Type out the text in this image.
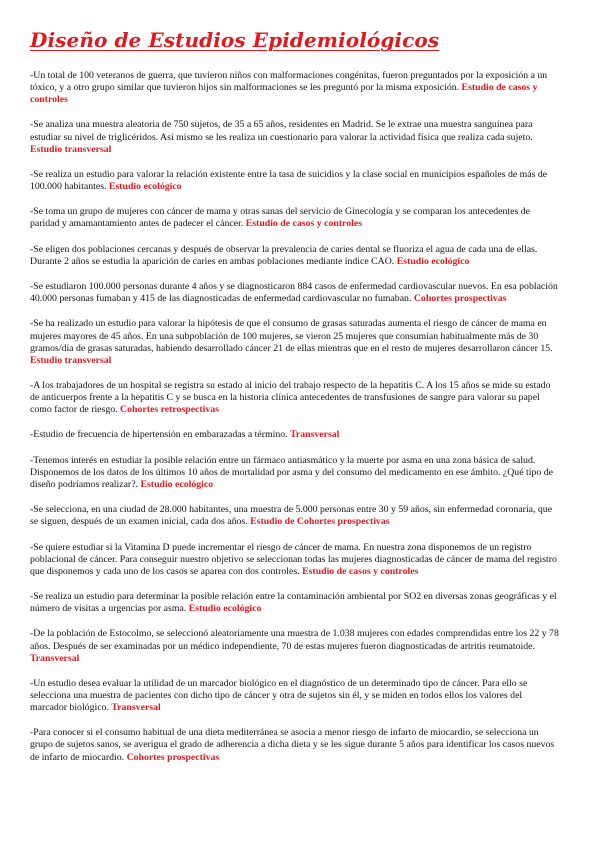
Diseño de Estudios Epidemiológicos
-Un total de 100 veteranos de guerra, que tuvieron niños con malformaciones congénitas, fueron preguntados por la exposición a un tóxico, y a otro grupo similar que tuvieron hijos sin malformaciones se les preguntó por la misma exposición. Estudio de casos y controles
-Se analiza una muestra aleatoria de 750 sujetos, de 35 a 65 años, residentes en Madrid. Se le extrae una muestra sanguínea para estudiar su nivel de triglicéridos. Así mismo se les realiza un cuestionario para valorar la actividad física que realiza cada sujeto. Estudio transversal
-Se realiza un estudio para valorar la relación existente entre la tasa de suicidios y la clase social en municipios españoles de más de 100.000 habitantes. Estudio ecológico
-Se toma un grupo de mujeres con cáncer de mama y otras sanas del servicio de Ginecología y se comparan los antecedentes de paridad y amamantamiento antes de padecer el cáncer. Estudio de casos y controles
-Se eligen dos poblaciones cercanas y después de observar la prevalencia de caries dental se fluoriza el agua de cada una de ellas. Durante 2 años se estudia la aparición de caries en ambas poblaciones mediante índice CAO. Estudio ecológico
-Se estudiaron 100.000 personas durante 4 años y se diagnosticaron 884 casos de enfermedad cardiovascular nuevos. En esa población 40.000 personas fumaban y 415 de las diagnosticadas de enfermedad cardiovascular no fumaban. Cohortes prospectivas
-Se ha realizado un estudio para valorar la hipótesis de que el consumo de grasas saturadas aumenta el riesgo de cáncer de mama en mujeres mayores de 45 años. En una subpoblación de 100 mujeres, se vieron 25 mujeres que consumían habitualmente más de 30 gramos/día de grasas saturadas, habiendo desarrollado cáncer 21 de ellas mientras que en el resto de mujeres desarrollaron cáncer 15. Estudio transversal
-A los trabajadores de un hospital se registra su estado al inicio del trabajo respecto de la hepatitis C. A los 15 años se mide su estado de anticuerpos frente a la hepatitis C y se busca en la historia clínica antecedentes de transfusiones de sangre para valorar su papel como factor de riesgo. Cohortes retrospectivas
-Estudio de frecuencia de hipertensión en embarazadas a término. Transversal
-Tenemos interés en estudiar la posible relación entre un fármaco antiasmático y la muerte por asma en una zona básica de salud. Disponemos de los datos de los últimos 10 años de mortalidad por asma y del consumo del medicamento en ese ámbito. ¿Qué tipo de diseño podríamos realizar?. Estudio ecológico
-Se selecciona, en una ciudad de 28.000 habitantes, una muestra de 5.000 personas entre 30 y 59 años, sin enfermedad coronaria, que se siguen, después de un examen inicial, cada dos años. Estudio de Cohortes prospectivas
-Se quiere estudiar si la Vitamina D puede incrementar el riesgo de cáncer de mama. En nuestra zona disponemos de un registro poblacional de cáncer. Para conseguir nuestro objetivo se seleccionan todas las mujeres diagnosticadas de cáncer de mama del registro que disponemos y cada uno de los casos se aparea con dos controles. Estudio de casos y controles
-Se realiza un estudio para determinar la posible relación entre la contaminación ambiental por SO2 en diversas zonas geográficas y el número de visitas a urgencias por asma. Estudio ecológico
-De la población de Estocolmo, se seleccionó aleatoriamente una muestra de 1.038 mujeres con edades comprendidas entre los 22 y 78 años. Después de ser examinadas por un médico independiente, 70 de estas mujeres fueron diagnosticadas de artritis reumatoide. Transversal
-Un estudio desea evaluar la utilidad de un marcador biológico en el diagnóstico de un determinado tipo de cáncer. Para ello se selecciona una muestra de pacientes con dicho tipo de cáncer y otra de sujetos sin él, y se miden en todos ellos los valores del marcador biológico. Transversal
-Para conocer si el consumo habitual de una dieta mediterránea se asocia a menor riesgo de infarto de miocardio, se selecciona un grupo de sujetos sanos, se averigua el grado de adherencia a dicha dieta y se les sigue durante 5 años para identificar los casos nuevos de infarto de miocardio. Cohortes prospectivas
